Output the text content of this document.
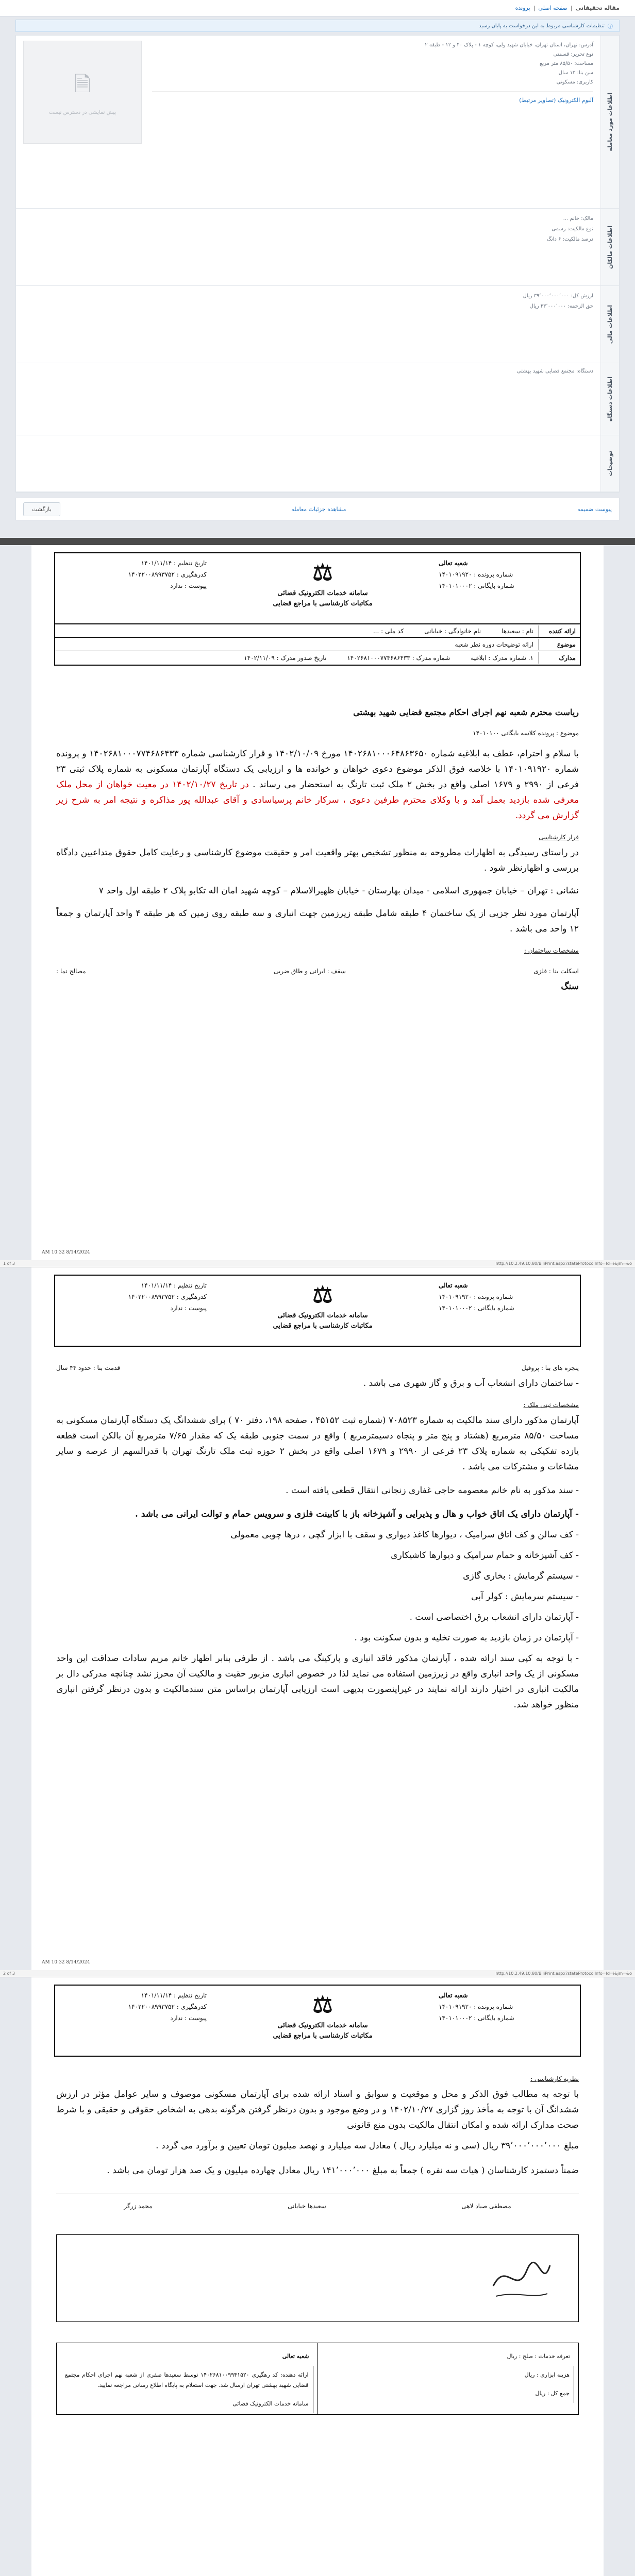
پرونده | صفحه اصلی | مقاله تحقیقاتی
تنظیمات کارشناسی مربوط به این درخواست به پایان رسید ⓘ
اطلاعات مورد معامله
آدرس: تهران، استان تهران، خیابان شهید ولی، کوچه ۱ - پلاک ۴۰ و ۱۲ - طبقه ۲
نوع تحریر: قسمتی
مساحت: ۸۵/۵۰ متر مربع
سن بنا: ۱۳ سال
کاربری: مسکونی
آلبوم الکترونیک (تصاویر مرتبط)
🗎
پیش نمایشی در دسترس نیست
اطلاعات مالکان
مالک: خانم ...
نوع مالکیت: رسمی
درصد مالکیت: ۶ دانگ
اطلاعات مالی
ارزش کل: ۳۹٬۰۰۰٬۰۰۰٬۰۰۰ ریال
حق الزحمه: ۴۳٬۰۰۰٬۰۰۰ ریال
اطلاعات دستگاه
دستگاه: مجتمع قضایی شهید بهشتی
توضیحات
بازگشت	مشاهده جزئیات معامله	پیوست ضمیمه
شعبه تعالی
شماره پرونده : ۱۴۰۱۰۹۱۹۲۰
شماره بایگانی : ۱۴۰۱۰۱۰۰۰۲
⚖
سامانه خدمات الکترونیک قضائی
مکاتبات کارشناسی با مراجع قضایی
تاریخ تنظیم : ۱۴۰۱/۱۱/۱۴
کدرهگیری : ۱۴۰۲۲۰۰۸۹۹۳۷۵۲
پیوست : ندارد
ارائه کننده
نام : سعیدها
نام خانوادگی : خیابانی
کد ملی : ...
موضوع
ارائه توضیحات دوره نظر شعبه
مدارک
۱. شماره مدرک : ابلاغیه
شماره مدرک : ۱۴۰۲۶۸۱۰۰۰۷۷۴۶۸۶۴۳۳
تاریخ صدور مدرک : ۱۴۰۲/۱۱/۰۹
ریاست محترم شعبه نهم اجرای احکام مجتمع قضایی شهید بهشتی
موضوع : پرونده کلاسه بایگانی ۱۴۰۱۰۱۰۰

با سلام و احترام، عطف به ابلاغیه شماره ۱۴۰۲۶۸۱۰۰۰۶۴۸۶۳۶۵۰ مورخ ۱۴۰۲/۱۰/۰۹ و قرار کارشناسی شماره ۱۴۰۲۶۸۱۰۰۰۷۷۴۶۸۶۴۳۳ و پرونده شماره ۱۴۰۱۰۹۱۹۲۰ با خلاصه فوق الذکر موضوع دعوی خواهان و خوانده ها و ارزیابی یک دستگاه آپارتمان مسکونی به شماره پلاک ثبتی ۲۳ فرعی از ۲۹۹۰ و ۱۶۷۹ اصلی واقع در بخش ۲ ملک ثبت تارنگ به استحضار می رساند . در تاریخ ۱۴۰۲/۱۰/۲۷ در معیت خواهان از محل ملک معرفی شده بازدید بعمل آمد و با وکلای محترم طرفین دعوی ، سرکار خانم پرسیاسادی و آقای عبدالله پور مذاکره و نتیجه امر به شرح زیر گزارش می گردد.

قرار کارشناسی

در راستای رسیدگی به اظهارات مطروحه به منظور تشخیص بهتر واقعیت امر و حقیقت موضوع کارشناسی و رعایت کامل حقوق متداعیین دادگاه بررسی و اظهارنظر شود .

نشانی : تهران – خیابان جمهوری اسلامی - میدان بهارستان - خیابان ظهیرالاسلام – کوچه شهید امان اله تکابو پلاک ۲ طبقه اول واحد ۷

آپارتمان مورد نظر جزیی از یک ساختمان ۴ طبقه شامل طبقه زیرزمین جهت انباری و سه طبقه روی زمین که هر طبقه ۴ واحد آپارتمان و جمعاً ۱۲ واحد می باشد .

مشخصات ساختمان :
اسکلت بنا : فلزی
سقف : ایرانی و طاق ضربی
مصالح نما :
سنگ
8/14/2024 10:32 AM
1 of 3	http://10.2.49.10:80/BiliPrint.aspx?stateProtocolInfo=Id=i&jm=&o
شعبه تعالی
شماره پرونده : ۱۴۰۱۰۹۱۹۲۰
شماره بایگانی : ۱۴۰۱۰۱۰۰۰۲
⚖
سامانه خدمات الکترونیک قضائی
مکاتبات کارشناسی با مراجع قضایی
تاریخ تنظیم : ۱۴۰۱/۱۱/۱۴
کدرهگیری : ۱۴۰۲۲۰۰۸۹۹۳۷۵۲
پیوست : ندارد
پنجره های بنا : پروفیل
قدمت بنا : حدود ۴۴ سال

- ساختمان دارای انشعاب آب و برق و گاز شهری می باشد .

مشخصات ثبتی ملک :

آپارتمان مذکور دارای سند مالکیت به شماره ۷۰۸۵۲۳ (شماره ثبت ۴۵۱۵۲ ، صفحه ۱۹۸، دفتر ۷۰ ) برای ششدانگ یک دستگاه آپارتمان مسکونی به مساحت ۸۵/۵۰ مترمربع (هشتاد و پنج متر و پنجاه دسیمترمربع ) واقع در سمت جنوبی طبقه یک که مقدار ۷/۶۵ مترمربع آن بالکن است قطعه یازده تفکیکی به شماره پلاک ۲۳ فرعی از ۲۹۹۰ و ۱۶۷۹ اصلی واقع در بخش ۲ حوزه ثبت ملک تارنگ تهران با قدرالسهم از عرصه و سایر مشاعات و مشترکات می باشد .

- سند مذکور به نام خانم معصومه حاجی غفاری زنجانی انتقال قطعی یافته است .

- آپارتمان دارای یک اتاق خواب و هال و پذیرایی و آشپزخانه باز با کابینت فلزی و سرویس حمام و توالت ایرانی می باشد .

- کف سالن و کف اتاق سرامیک ، دیوارها کاغذ دیواری و سقف با ابزار گچی ، درها چوبی معمولی

- کف آشپزخانه و حمام سرامیک و دیوارها کاشیکاری

- سیستم گرمایش : بخاری گازی

- سیستم سرمایش : کولر آبی

- آپارتمان دارای انشعاب برق اختصاصی است .

- آپارتمان در زمان بازدید به صورت تخلیه و بدون سکونت بود .

- با توجه به کپی سند ارائه شده ، آپارتمان مذکور فاقد انباری و پارکینگ می باشد . از طرفی بنابر اظهار خانم مریم سادات صداقت این واحد مسکونی از یک واحد انباری واقع در زیرزمین استفاده می نماید لذا در خصوص انباری مزبور حقیت و مالکیت آن محرز نشد چنانچه مدرکی دال بر مالکیت انباری در اختیار دارند ارائه نمایند در غیراینصورت بدیهی است ارزیابی آپارتمان براساس متن سندمالکیت و بدون درنظر گرفتن انباری منظور خواهد شد.

8/14/2024 10:32 AM
2 of 3	http://10.2.49.10:80/BiliPrint.aspx?stateProtocolInfo=Id=i&jm=&o
شعبه تعالی
شماره پرونده : ۱۴۰۱۰۹۱۹۲۰
شماره بایگانی : ۱۴۰۱۰۱۰۰۰۲
⚖
سامانه خدمات الکترونیک قضائی
مکاتبات کارشناسی با مراجع قضایی
تاریخ تنظیم : ۱۴۰۱/۱۱/۱۴
کدرهگیری : ۱۴۰۲۲۰۰۸۹۹۳۷۵۲
پیوست : ندارد
نظریه کارشناسی :

با توجه به مطالب فوق الذکر و محل و موقعیت و سوابق و اسناد ارائه شده برای آپارتمان مسکونی موصوف و سایر عوامل مؤثر در ارزش ششدانگ آن با توجه به مأخذ روز گزاری ۱۴۰۲/۱۰/۲۷ و در وضع موجود و بدون درنظر گرفتن هرگونه بدهی به اشخاص حقوقی و حقیقی و با شرط صحت مدارک ارائه شده و امکان انتقال مالکیت بدون منع قانونی

مبلغ ۳۹٬۰۰۰٬۰۰۰٬۰۰۰ ریال (سی و نه میلیارد ریال ) معادل سه میلیارد و نهصد میلیون تومان تعیین و برآورد می گردد .

ضمناً دستمزد کارشناسان ( هیات سه نفره ) جمعاً به مبلغ ۱۴۱٬۰۰۰٬۰۰۰ ریال معادل چهارده میلیون و یک صد هزار تومان می باشد .

مصطفی صیاد لاهی
سعیدها خیابانی
محمد زرگر
تعرفه خدمات : صلح : ریال
هزینه ابزاری : ریال
جمع کل : ریال
شعبه تعالی
ارائه دهنده: کد رهگیری ۱۴۰۲۶۸۱۰۰۹۹۴۱۵۲۰ توسط سعیدها صفری از شعبه نهم اجرای احکام مجتمع قضایی شهید بهشتی تهران ارسال شد. جهت استعلام به پایگاه اطلاع رسانی مراجعه نمایید.
سامانه خدمات الکترونیک قضائی
